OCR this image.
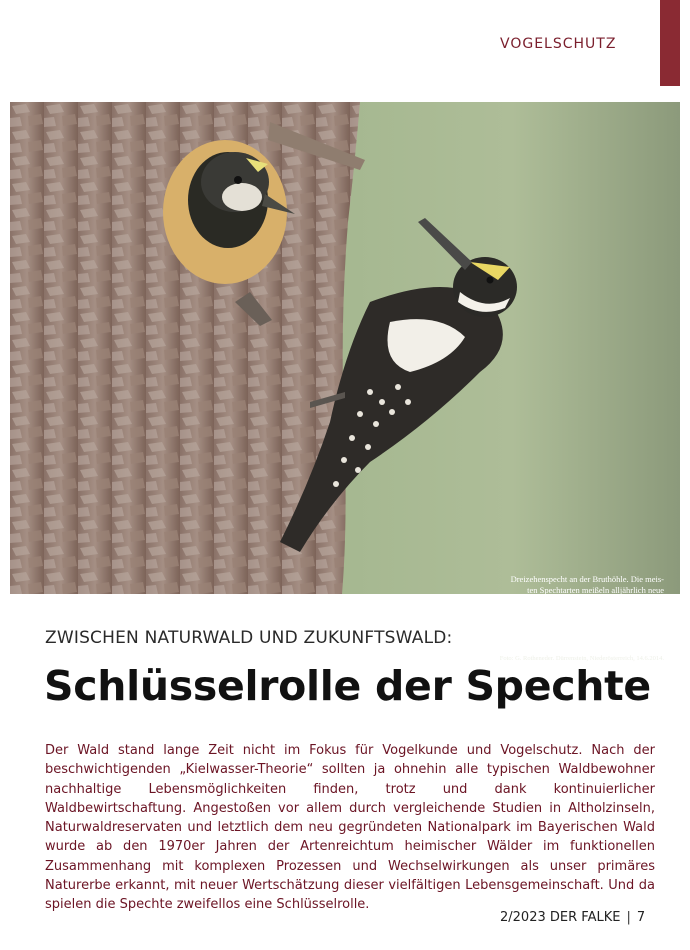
VOGELSCHUTZ
Dreizehenspecht an der Bruthöhle. Die meis-
ten Spechtarten meißeln alljährlich neue
Bruthöhlen aus, bevorzugt in bereits verpilzte
Baumstämme, und ermöglichen damit den
„sekundären Höhlenbrütern“ – vom Kleiber
bis zu Gartenrotschwanz, Sperlingskauz oder
Wendehals – eine qualitätsvolle Nachnutzung.
Foto: G. Rotheneder. Dürrenstein, Niederösterreich, 14.6.2014.
ZWISCHEN NATURWALD UND ZUKUNFTSWALD:
Schlüsselrolle der Spechte
Der Wald stand lange Zeit nicht im Fokus für Vogelkunde und Vogelschutz. Nach der beschwichtigenden „Kielwasser-Theorie“ sollten ja ohnehin alle typischen Waldbewohner nachhaltige Lebensmöglichkeiten finden, trotz und dank kontinuierlicher Waldbewirtschaftung. Angestoßen vor allem durch vergleichende Studien in Altholzinseln, Naturwaldreservaten und letztlich dem neu gegründeten Nationalpark im Bayerischen Wald wurde ab den 1970er Jahren der Artenreichtum heimischer Wälder im funktionellen Zusammenhang mit komplexen Prozessen und Wechselwirkungen als unser primäres Naturerbe erkannt, mit neuer Wertschätzung dieser vielfältigen Lebensgemeinschaft. Und da spielen die Spechte zweifellos eine Schlüsselrolle.
2/2023 DER FALKE | 7
